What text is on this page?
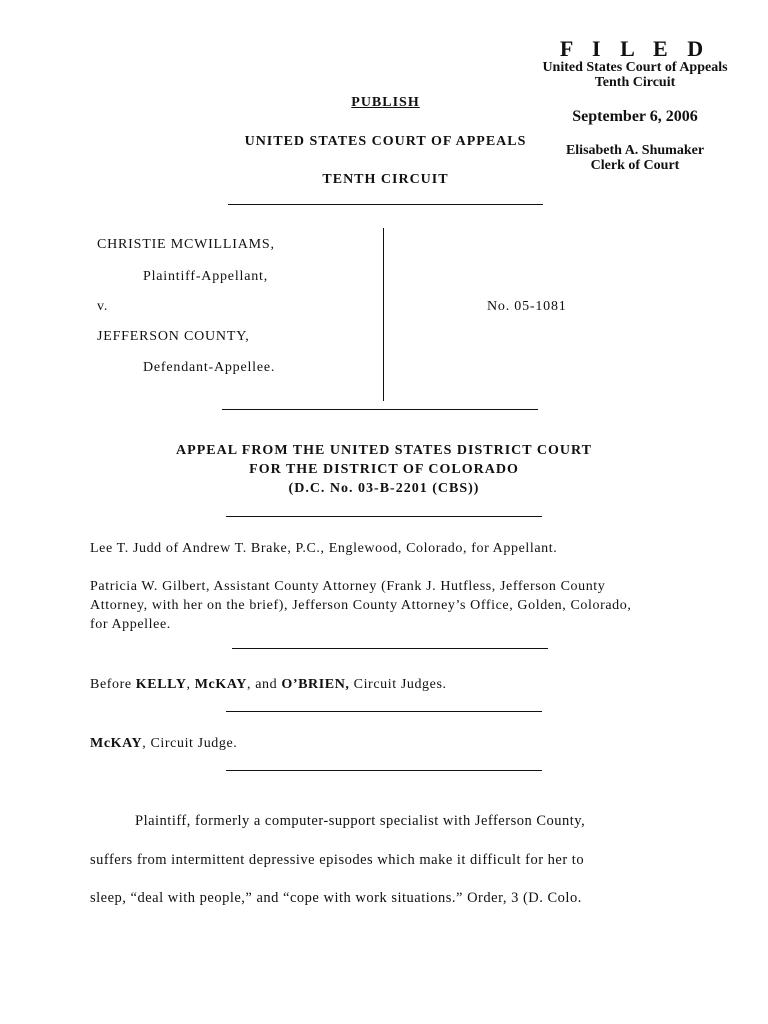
F I L E D
United States Court of Appeals
Tenth Circuit
September 6, 2006
Elisabeth A. Shumaker
Clerk of Court
PUBLISH
UNITED STATES COURT OF APPEALS
TENTH CIRCUIT
CHRISTIE MCWILLIAMS,
Plaintiff-Appellant,
v.
JEFFERSON COUNTY,
Defendant-Appellee.
No. 05-1081
APPEAL FROM THE UNITED STATES DISTRICT COURT
FOR THE DISTRICT OF COLORADO
(D.C. No. 03-B-2201 (CBS))
Lee T. Judd of Andrew T. Brake, P.C., Englewood, Colorado, for Appellant.
Patricia W. Gilbert, Assistant County Attorney (Frank J. Hutfless, Jefferson County Attorney, with her on the brief), Jefferson County Attorney’s Office, Golden, Colorado, for Appellee.
Before KELLY, McKAY, and O’BRIEN, Circuit Judges.
McKAY, Circuit Judge.
Plaintiff, formerly a computer-support specialist with Jefferson County,
suffers from intermittent depressive episodes which make it difficult for her to
sleep, “deal with people,” and “cope with work situations.” Order, 3 (D. Colo.
